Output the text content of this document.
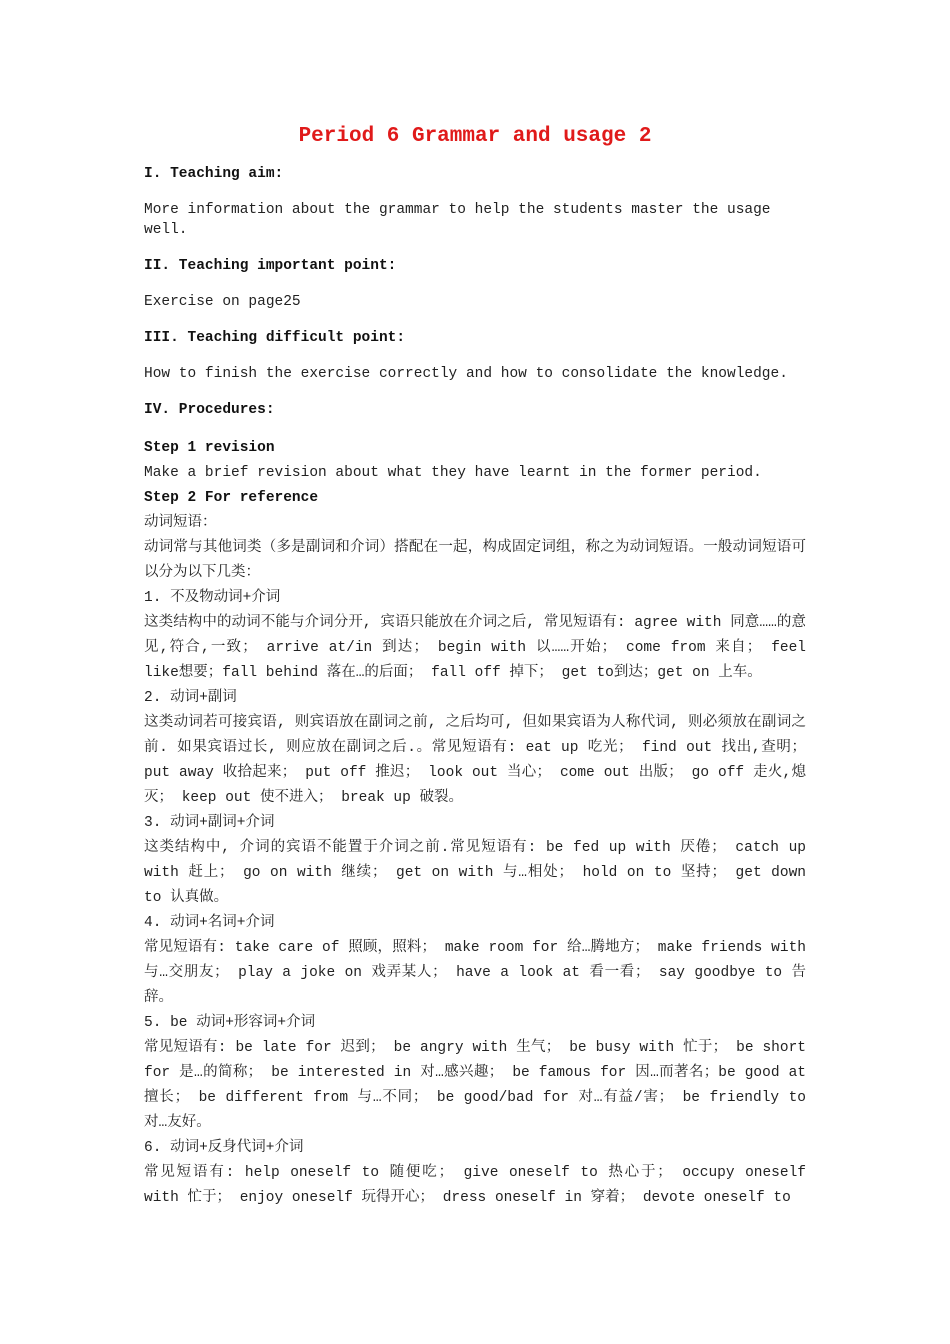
Period 6 Grammar and usage 2

I. Teaching aim:

More information about the grammar to help the students master the usage well.

II. Teaching important point:

Exercise on page25

III. Teaching difficult point:

How to finish the exercise correctly and how to consolidate the knowledge.

IV. Procedures:

Step 1 revision

Make a brief revision about what they have learnt in the former period.

Step 2 For reference

动词短语：

动词常与其他词类（多是副词和介词）搭配在一起，构成固定词组，称之为动词短语。一般动词短语可以分为以下几类：

1. 不及物动词+介词

这类结构中的动词不能与介词分开, 宾语只能放在介词之后, 常见短语有: agree with 同意……的意见,符合,一致； arrive at/in 到达； begin with 以……开始； come from 来自； feel like想要；fall behind 落在…的后面； fall off 掉下； get to到达；get on 上车。

2. 动词+副词

这类动词若可接宾语, 则宾语放在副词之前, 之后均可, 但如果宾语为人称代词, 则必须放在副词之前. 如果宾语过长, 则应放在副词之后.。常见短语有: eat up 吃光； find out 找出,查明； put away 收拾起来； put off 推迟； look out 当心； come out 出版； go off 走火,熄灭； keep out 使不进入； break up 破裂。

3. 动词+副词+介词

这类结构中, 介词的宾语不能置于介词之前.常见短语有: be fed up with 厌倦； catch up with 赶上； go on with 继续； get on with 与…相处； hold on to 坚持； get down to 认真做。

4. 动词+名词+介词

常见短语有: take care of 照顾，照料； make room for 给…腾地方； make friends with 与…交朋友； play a joke on 戏弄某人； have a look at 看一看； say goodbye to 告辞。

5. be 动词+形容词+介词

常见短语有: be late for 迟到； be angry with 生气； be busy with 忙于； be short for 是…的简称； be interested in 对…感兴趣； be famous for 因…而著名；be good at 擅长； be different from 与…不同； be good/bad for 对…有益/害； be friendly to 对…友好。

6. 动词+反身代词+介词

常见短语有: help oneself to 随便吃； give oneself to 热心于； occupy oneself with 忙于； enjoy oneself 玩得开心； dress oneself in 穿着； devote oneself to
